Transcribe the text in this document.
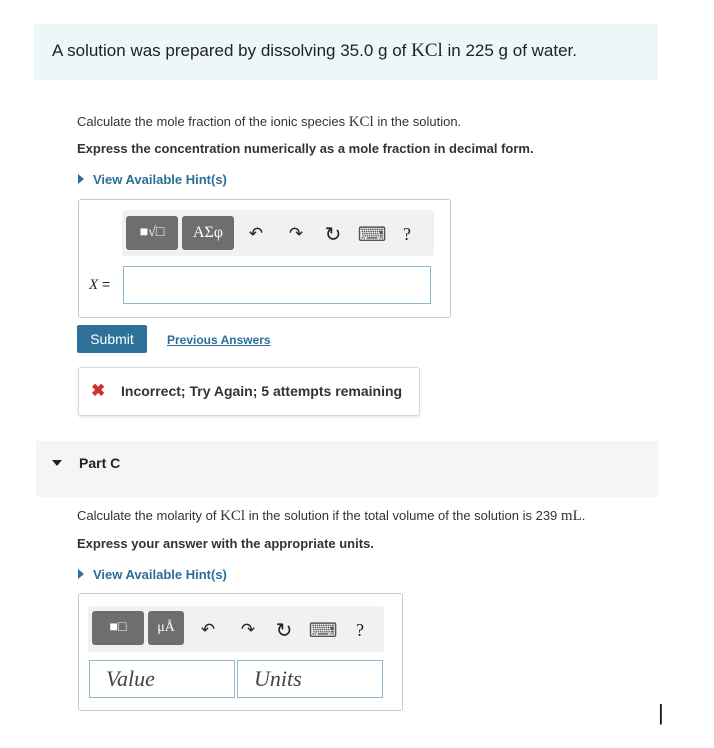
A solution was prepared by dissolving 35.0 g of KCl in 225 g of water.
Calculate the mole fraction of the ionic species KCl in the solution.
Express the concentration numerically as a mole fraction in decimal form.
View Available Hint(s)
■√□ ΑΣφ ↶ ↷ ↻ ⌨ ?
X =
Submit	Previous Answers
✖ Incorrect; Try Again; 5 attempts remaining
Part C
Calculate the molarity of KCl in the solution if the total volume of the solution is 239 mL.
Express your answer with the appropriate units.
View Available Hint(s)
■□ μÅ ↶ ↷ ↻ ⌨ ?
Value	Units
|
